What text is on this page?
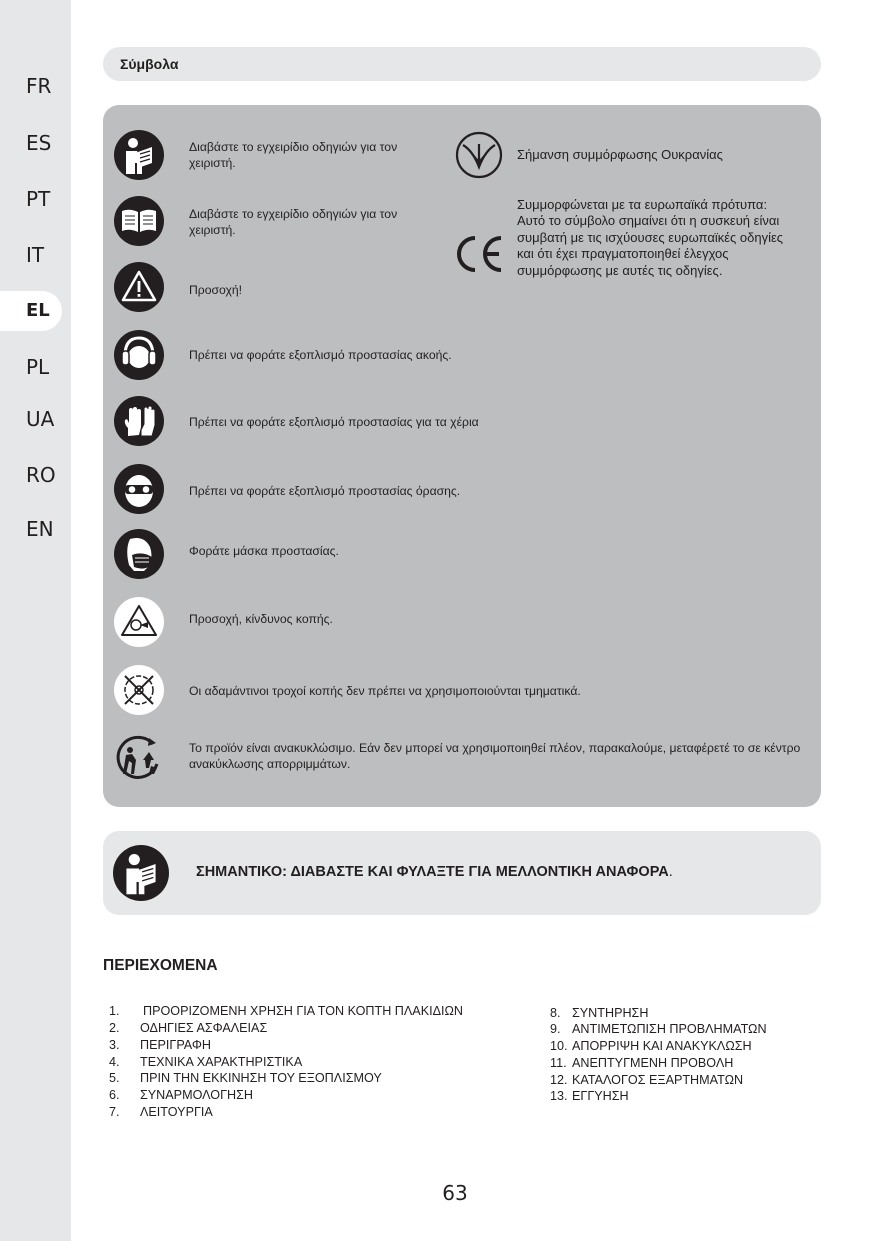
FR
ES
PT
IT
EL
PL
UA
RO
EN
Σύμβολα
Διαβάστε το εγχειρίδιο οδηγιών για τον χειριστή.
Διαβάστε το εγχειρίδιο οδηγιών για τον χειριστή.
Προσοχή!
Πρέπει να φοράτε εξοπλισμό προστασίας ακοής.
Πρέπει να φοράτε εξοπλισμό προστασίας για τα χέρια
Πρέπει να φοράτε εξοπλισμό προστασίας όρασης.
Φοράτε μάσκα προστασίας.
Προσοχή, κίνδυνος κοπής.
Οι αδαμάντινοι τροχοί κοπής δεν πρέπει να χρησιμοποιούνται τμηματικά.
Το προϊόν είναι ανακυκλώσιμο. Εάν δεν μπορεί να χρησιμοποιηθεί πλέον, παρακαλούμε, μεταφέρετέ το σε κέντρο ανακύκλωσης απορριμμάτων.
Σήμανση συμμόρφωσης Ουκρανίας
Συμμορφώνεται με τα ευρωπαϊκά πρότυπα: Αυτό το σύμβολο σημαίνει ότι η συσκευή είναι συμβατή με τις ισχύουσες ευρωπαϊκές οδηγίες και ότι έχει πραγματοποιηθεί έλεγχος συμμόρφωσης με αυτές τις οδηγίες.
ΣΗΜΑΝΤΙΚΟ: ΔΙΑΒΑΣΤΕ ΚΑΙ ΦΥΛΑΞΤΕ ΓΙΑ ΜΕΛΛΟΝΤΙΚΗ ΑΝΑΦΟΡΑ.
ΠΕΡΙΕΧΟΜΕΝΑ
1. ΠΡΟΟΡΙΖΟΜΕΝΗ ΧΡΗΣΗ ΓΙΑ ΤΟΝ ΚΟΠΤΗ ΠΛΑΚΙΔΙΩΝ
2. ΟΔΗΓΙΕΣ ΑΣΦΑΛΕΙΑΣ
3. ΠΕΡΙΓΡΑΦΗ
4. ΤΕΧΝΙΚΑ ΧΑΡΑΚΤΗΡΙΣΤΙΚΑ
5. ΠΡΙΝ ΤΗΝ ΕΚΚΙΝΗΣΗ ΤΟΥ ΕΞΟΠΛΙΣΜΟΥ
6. ΣΥΝΑΡΜΟΛΟΓΗΣΗ
7. ΛΕΙΤΟΥΡΓΙΑ
8. ΣΥΝΤΗΡΗΣΗ
9. ΑΝΤΙΜΕΤΩΠΙΣΗ ΠΡΟΒΛΗΜΑΤΩΝ
10. ΑΠΟΡΡΙΨΗ ΚΑΙ ΑΝΑΚΥΚΛΩΣΗ
11. ΑΝΕΠΤΥΓΜΕΝΗ ΠΡΟΒΟΛΗ
12. ΚΑΤΑΛΟΓΟΣ ΕΞΑΡΤΗΜΑΤΩΝ
13. ΕΓΓΥΗΣΗ
63
